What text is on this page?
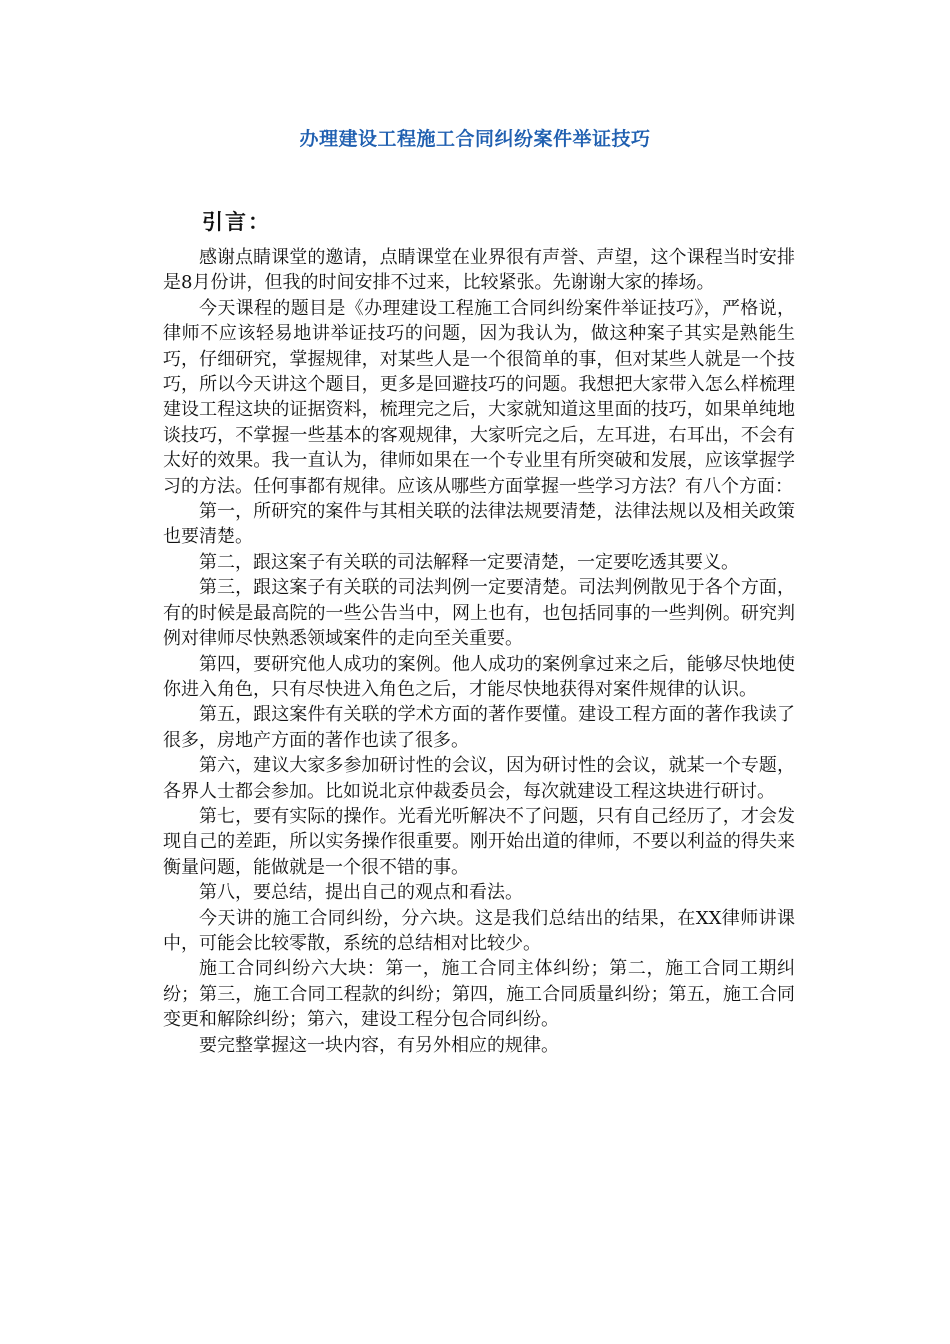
办理建设工程施工合同纠纷案件举证技巧
引言：

感谢点睛课堂的邀请，点睛课堂在业界很有声誉、声望，这个课程当时安排是8月份讲，但我的时间安排不过来，比较紧张。先谢谢大家的捧场。

今天课程的题目是《办理建设工程施工合同纠纷案件举证技巧》，严格说，律师不应该轻易地讲举证技巧的问题，因为我认为，做这种案子其实是熟能生巧，仔细研究，掌握规律，对某些人是一个很简单的事，但对某些人就是一个技巧，所以今天讲这个题目，更多是回避技巧的问题。我想把大家带入怎么样梳理建设工程这块的证据资料，梳理完之后，大家就知道这里面的技巧，如果单纯地谈技巧，不掌握一些基本的客观规律，大家听完之后，左耳进，右耳出，不会有太好的效果。我一直认为，律师如果在一个专业里有所突破和发展，应该掌握学习的方法。任何事都有规律。应该从哪些方面掌握一些学习方法？有八个方面：

第一，所研究的案件与其相关联的法律法规要清楚，法律法规以及相关政策也要清楚。

第二，跟这案子有关联的司法解释一定要清楚，一定要吃透其要义。

第三，跟这案子有关联的司法判例一定要清楚。司法判例散见于各个方面，有的时候是最高院的一些公告当中，网上也有，也包括同事的一些判例。研究判例对律师尽快熟悉领域案件的走向至关重要。

第四，要研究他人成功的案例。他人成功的案例拿过来之后，能够尽快地使你进入角色，只有尽快进入角色之后，才能尽快地获得对案件规律的认识。

第五，跟这案件有关联的学术方面的著作要懂。建设工程方面的著作我读了很多，房地产方面的著作也读了很多。

第六，建议大家多参加研讨性的会议，因为研讨性的会议，就某一个专题，各界人士都会参加。比如说北京仲裁委员会，每次就建设工程这块进行研讨。

第七，要有实际的操作。光看光听解决不了问题，只有自己经历了，才会发现自己的差距，所以实务操作很重要。刚开始出道的律师，不要以利益的得失来衡量问题，能做就是一个很不错的事。

第八，要总结，提出自己的观点和看法。

今天讲的施工合同纠纷，分六块。这是我们总结出的结果，在XX律师讲课中，可能会比较零散，系统的总结相对比较少。

施工合同纠纷六大块：第一，施工合同主体纠纷；第二，施工合同工期纠纷；第三，施工合同工程款的纠纷；第四，施工合同质量纠纷；第五，施工合同变更和解除纠纷；第六，建设工程分包合同纠纷。

要完整掌握这一块内容，有另外相应的规律。
